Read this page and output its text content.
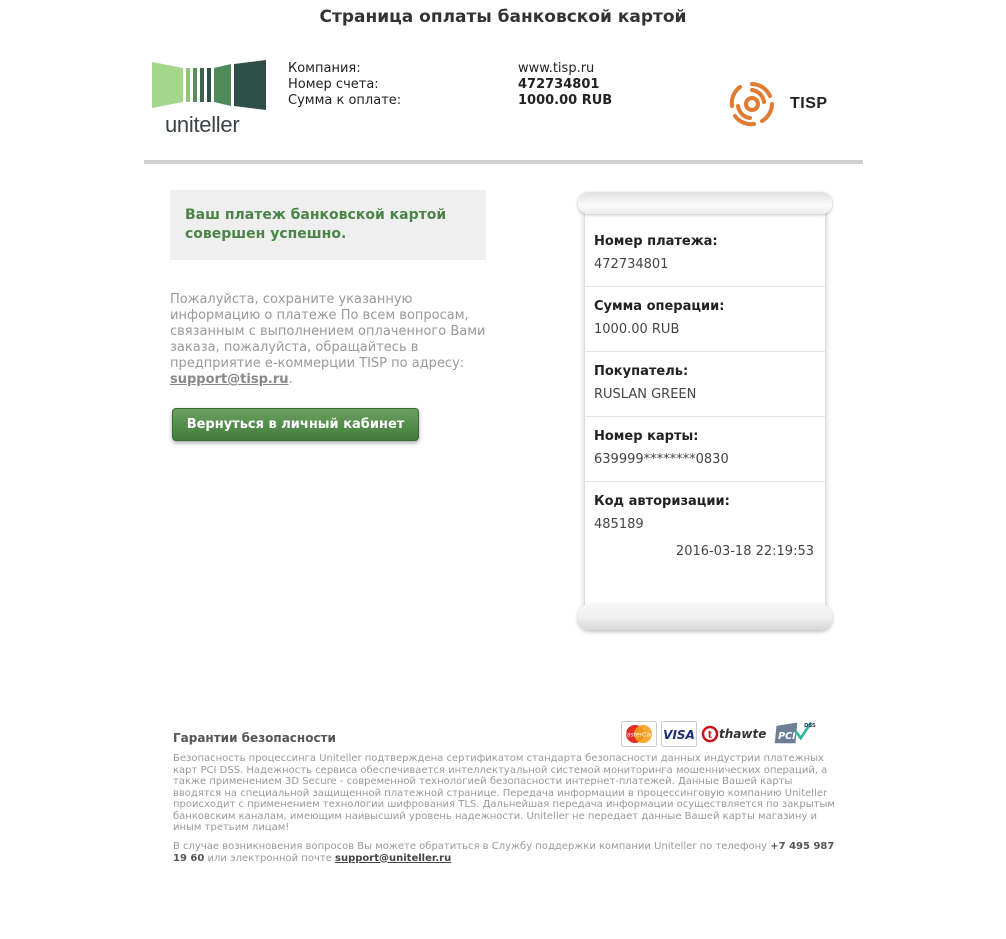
Страница оплаты банковской картой
uniteller
Компания:
Номер счета:
Сумма к оплате:
www.tisp.ru
472734801
1000.00 RUB	TISP

Ваш платеж банковской картой совершен успешно.

Пожалуйста, сохраните указанную информацию о платеже По всем вопросам, связанным с выполнением оплаченного Вами заказа, пожалуйста, обращайтесь в предприятие е-коммерции TISP по адресу: support@tisp.ru.
Вернуться в личный кабинет
Номер платежа:
472734801
Сумма операции:
1000.00 RUB
Покупатель:
RUSLAN GREEN
Номер карты:
639999********0830
Код авторизации:
485189
2016-03-18 22:19:53
Гарантии безопасности	MasterCard VISA t thawte PCI
DSS
PCI DSS
Безопасность процессинга Uniteller подтверждена сертификатом стандарта безопасности данных индустрии платежных карт PCI DSS. Надежность сервиса обеспечивается интеллектуальной системой мониторинга мошеннических операций, а также применением 3D Secure - современной технологией безопасности интернет-платежей. Данные Вашей карты вводятся на специальной защищенной платежной странице. Передача информации в процессинговую компанию Uniteller происходит с применением технологии шифрования TLS. Дальнейшая передача информации осуществляется по закрытым банковским каналам, имеющим наивысший уровень надежности. Uniteller не передает данные Вашей карты магазину и иным третьим лицам!
В случае возникновения вопросов Вы можете обратиться в Службу поддержки компании Uniteller по телефону +7 495 987 19 60 или электронной почте support@uniteller.ru
